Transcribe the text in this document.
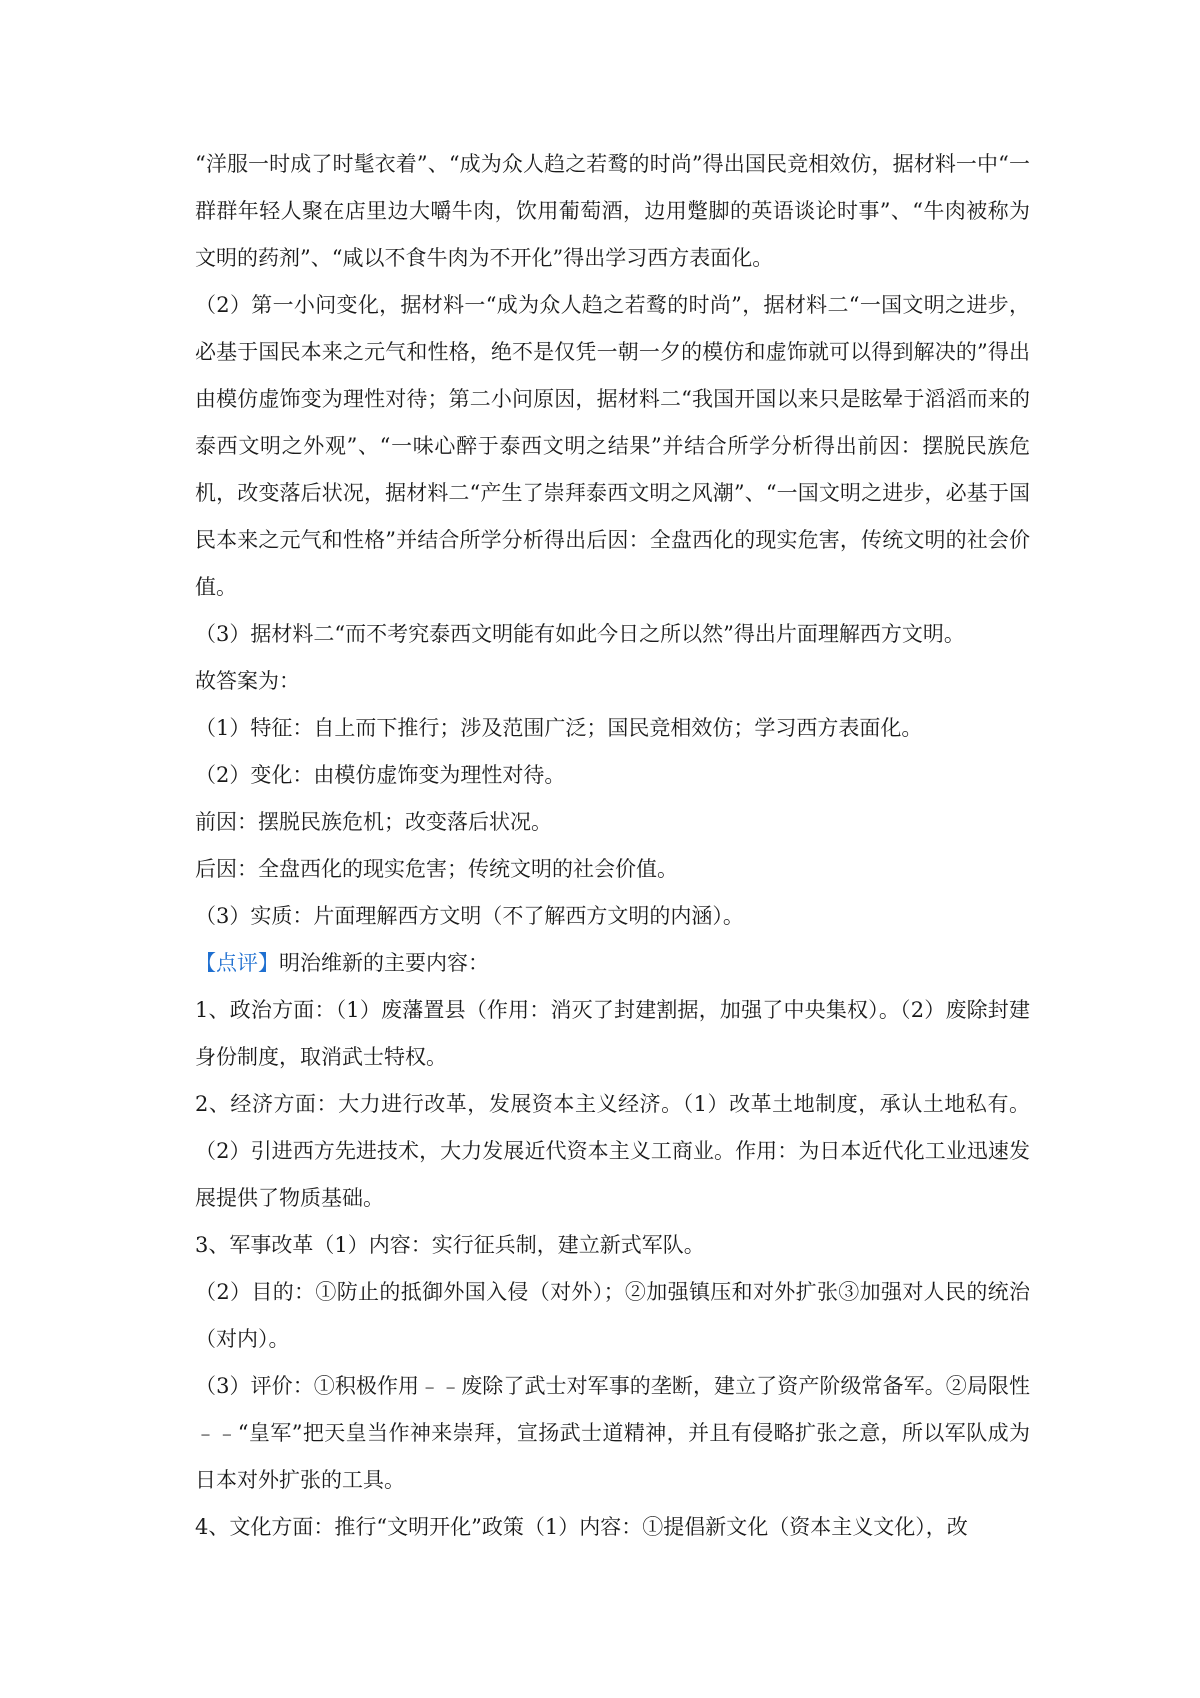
“洋服一时成了时髦衣着”、“成为众人趋之若鹜的时尚”得出国民竞相效仿，据材料一中“一群群年轻人聚在店里边大嚼牛肉，饮用葡萄酒，边用蹩脚的英语谈论时事”、“牛肉被称为文明的药剂”、“咸以不食牛肉为不开化”得出学习西方表面化。

（2）第一小问变化，据材料一“成为众人趋之若鹜的时尚”，据材料二“一国文明之进步，必基于国民本来之元气和性格，绝不是仅凭一朝一夕的模仿和虚饰就可以得到解决的”得出由模仿虚饰变为理性对待；第二小问原因，据材料二“我国开国以来只是眩晕于滔滔而来的泰西文明之外观”、“一味心醉于泰西文明之结果”并结合所学分析得出前因：摆脱民族危机，改变落后状况，据材料二“产生了崇拜泰西文明之风潮”、“一国文明之进步，必基于国民本来之元气和性格”并结合所学分析得出后因：全盘西化的现实危害，传统文明的社会价值。

（3）据材料二“而不考究泰西文明能有如此今日之所以然”得出片面理解西方文明。

故答案为：

（1）特征：自上而下推行；涉及范围广泛；国民竞相效仿；学习西方表面化。

（2）变化：由模仿虚饰变为理性对待。

前因：摆脱民族危机；改变落后状况。

后因：全盘西化的现实危害；传统文明的社会价值。

（3）实质：片面理解西方文明（不了解西方文明的内涵）。

【点评】明治维新的主要内容：

1、政治方面：（1）废藩置县（作用：消灭了封建割据，加强了中央集权）。（2）废除封建身份制度，取消武士特权。

2、经济方面：大力进行改革，发展资本主义经济。（1）改革土地制度，承认土地私有。（2）引进西方先进技术，大力发展近代资本主义工商业。作用：为日本近代化工业迅速发展提供了物质基础。

3、军事改革（1）内容：实行征兵制，建立新式军队。

（2）目的：①防止的抵御外国入侵（对外）；②加强镇压和对外扩张③加强对人民的统治（对内）。

（3）评价：①积极作用﹣﹣废除了武士对军事的垄断，建立了资产阶级常备军。②局限性﹣﹣“皇军”把天皇当作神来崇拜，宣扬武士道精神，并且有侵略扩张之意，所以军队成为日本对外扩张的工具。

4、文化方面：推行“文明开化”政策（1）内容：①提倡新文化（资本主义文化），改
